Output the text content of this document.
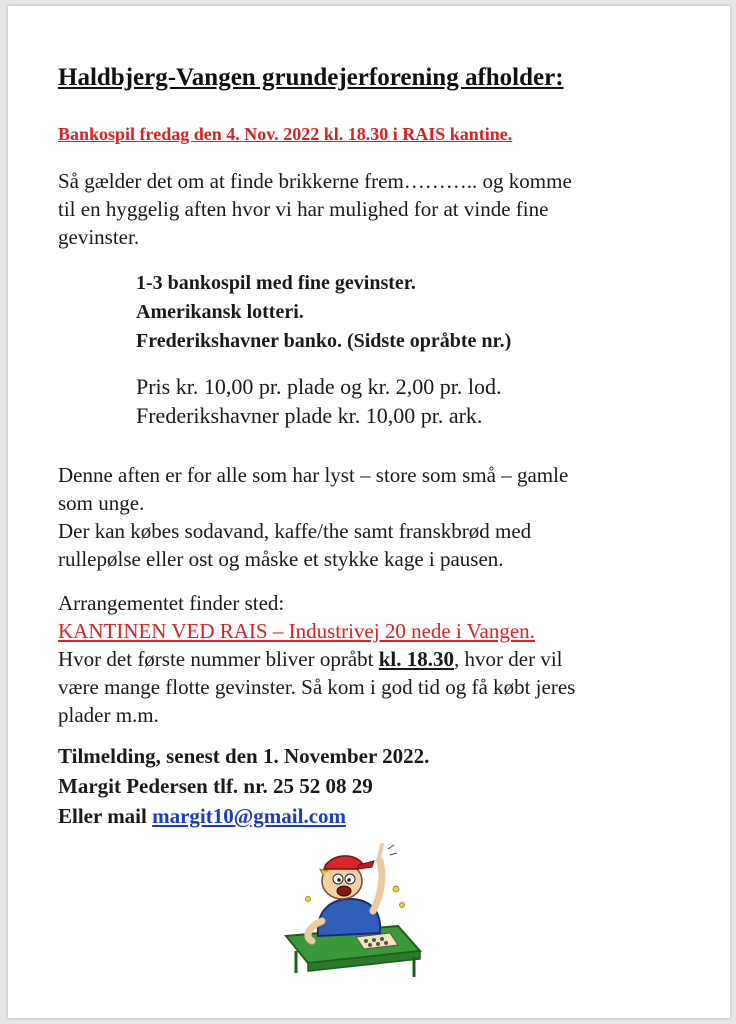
Haldbjerg-Vangen grundejerforening afholder:

Bankospil fredag den 4. Nov. 2022 kl. 18.30 i RAIS kantine.

Så gælder det om at finde brikkerne frem……….. og komme
til en hyggelig aften hvor vi har mulighed for at vinde fine
gevinster.
1-3 bankospil med fine gevinster.
Amerikansk lotteri.
Frederikshavner banko. (Sidste opråbte nr.)
Pris kr. 10,00 pr. plade og kr. 2,00 pr. lod.
Frederikshavner plade kr. 10,00 pr. ark.
Denne aften er for alle som har lyst – store som små – gamle
som unge.
Der kan købes sodavand, kaffe/the samt franskbrød med
rullepølse eller ost og måske et stykke kage i pausen.
Arrangementet finder sted:
KANTINEN VED RAIS – Industrivej 20 nede i Vangen.
Hvor det første nummer bliver opråbt kl. 18.30, hvor der vil
være mange flotte gevinster. Så kom i god tid og få købt jeres
plader m.m.
Tilmelding, senest den 1. November 2022.
Margit Pedersen tlf. nr. 25 52 08 29
Eller mail margit10@gmail.com
